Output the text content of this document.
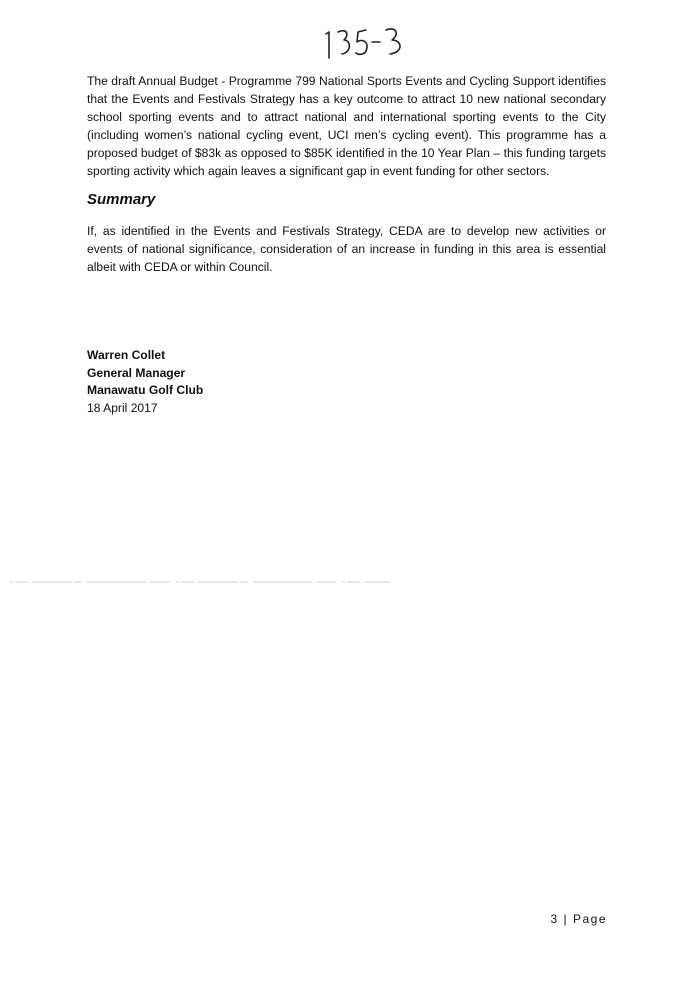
The draft Annual Budget - Programme 799 National Sports Events and Cycling Support identifies that the Events and Festivals Strategy has a key outcome to attract 10 new national secondary school sporting events and to attract national and international sporting events to the City (including women’s national cycling event, UCI men’s cycling event). This programme has a proposed budget of $83k as opposed to $85K identified in the 10 Year Plan – this funding targets sporting activity which again leaves a significant gap in event funding for other sectors.

Summary

If, as identified in the Events and Festivals Strategy, CEDA are to develop new activities or events of national significance, consideration of an increase in funding in this area is essential albeit with CEDA or within Council.

Warren Collet
General Manager
Manawatu Golf Club
18 April 2017
3 | Page
